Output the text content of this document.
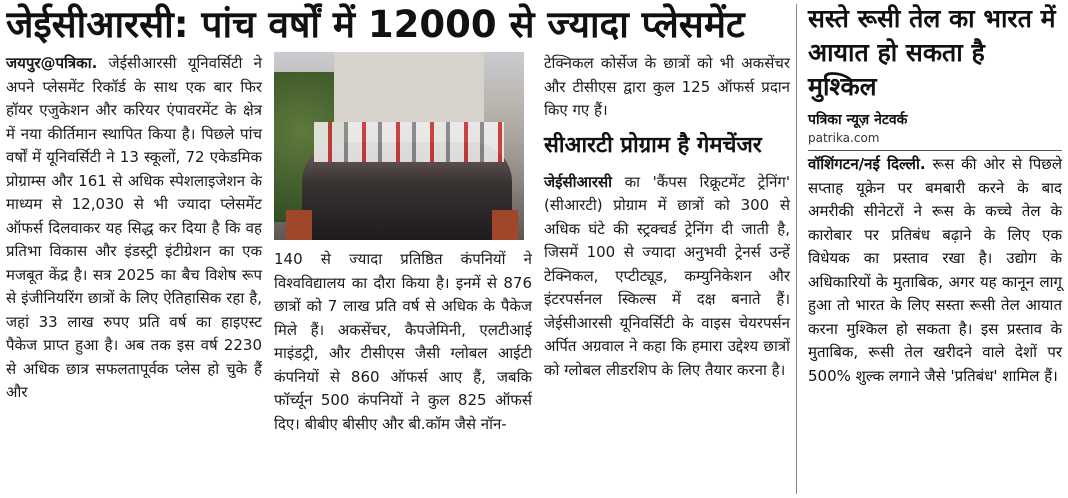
जेईसीआरसी: पांच वर्षों में 12000 से ज्यादा प्लेसमेंट
जयपुर@पत्रिका. जेईसीआरसी यूनिवर्सिटी ने अपने प्लेसमेंट रिकॉर्ड के साथ एक बार फिर हॉयर एजुकेशन और करियर एंपावरमेंट के क्षेत्र में नया कीर्तिमान स्थापित किया है। पिछले पांच वर्षों में यूनिवर्सिटी ने 13 स्कूलों, 72 एकेडमिक प्रोग्राम्स और 161 से अधिक स्पेशलाइजेशन के माध्यम से 12,030 से भी ज्यादा प्लेसमेंट ऑफर्स दिलवाकर यह सिद्ध कर दिया है कि वह प्रतिभा विकास और इंडस्ट्री इंटीग्रेशन का एक मजबूत केंद्र है। सत्र 2025 का बैच विशेष रूप से इंजीनियरिंग छात्रों के लिए ऐतिहासिक रहा है, जहां 33 लाख रुपए प्रति वर्ष का हाइएस्ट पैकेज प्राप्त हुआ है। अब तक इस वर्ष 2230 से अधिक छात्र सफलतापूर्वक प्लेस हो चुके हैं और
140 से ज्यादा प्रतिष्ठित कंपनियों ने विश्वविद्यालय का दौरा किया है। इनमें से 876 छात्रों को 7 लाख प्रति वर्ष से अधिक के पैकेज मिले हैं। अकसेंचर, कैपजेमिनी, एलटीआई माइंडट्री, और टीसीएस जैसी ग्लोबल आईटी कंपनियों से 860 ऑफर्स आए हैं, जबकि फॉर्च्यून 500 कंपनियों ने कुल 825 ऑफर्स दिए। बीबीए बीसीए और बी.कॉम जैसे नॉन-

टेक्निकल कोर्सेज के छात्रों को भी अकसेंचर और टीसीएस द्वारा कुल 125 ऑफर्स प्रदान किए गए हैं।

सीआरटी प्रोग्राम है गेमचेंजर

जेईसीआरसी का 'कैंपस रिक्रूटमेंट ट्रेनिंग' (सीआरटी) प्रोग्राम में छात्रों को 300 से अधिक घंटे की स्ट्रक्चर्ड ट्रेनिंग दी जाती है, जिसमें 100 से ज्यादा अनुभवी ट्रेनर्स उन्हें टेक्निकल, एप्टीट्यूड, कम्युनिकेशन और इंटरपर्सनल स्किल्स में दक्ष बनाते हैं। जेईसीआरसी यूनिवर्सिटी के वाइस चेयरपर्सन अर्पित अग्रवाल ने कहा कि हमारा उद्देश्य छात्रों को ग्लोबल लीडरशिप के लिए तैयार करना है।

सस्ते रूसी तेल का भारत में आयात हो सकता है मुश्किल
पत्रिका न्यूज़ नेटवर्क
patrika.com
वॉशिंगटन/नई दिल्ली. रूस की ओर से पिछले सप्ताह यूक्रेन पर बमबारी करने के बाद अमरीकी सीनेटरों ने रूस के कच्चे तेल के कारोबार पर प्रतिबंध बढ़ाने के लिए एक विधेयक का प्रस्ताव रखा है। उद्योग के अधिकारियों के मुताबिक, अगर यह कानून लागू हुआ तो भारत के लिए सस्ता रूसी तेल आयात करना मुश्किल हो सकता है। इस प्रस्ताव के मुताबिक, रूसी तेल खरीदने वाले देशों पर 500% शुल्क लगाने जैसे 'प्रतिबंध' शामिल हैं।
